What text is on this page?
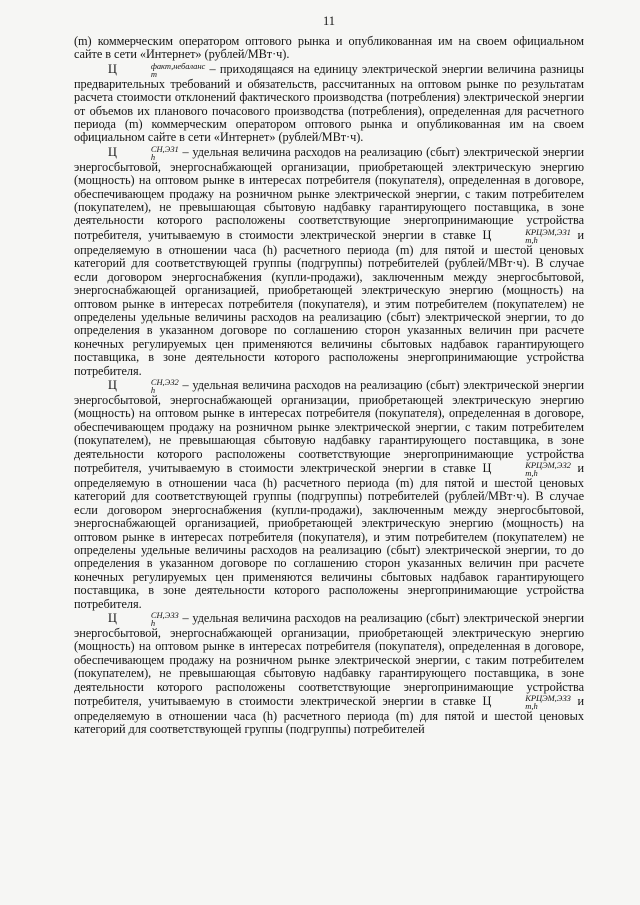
11

(m) коммерческим оператором оптового рынка и опубликованная им на своем официальном сайте в сети «Интернет» (рублей/МВт·ч).

Ц	факт,небаланс
m	– приходящаяся на единицу электрической энергии величина разницы предварительных требований и обязательств, рассчитанных на оптовом рынке по результатам расчета стоимости отклонений фактического производства (потребления) электрической энергии от объемов их планового почасового производства (потребления), определенная для расчетного периода (m) коммерческим оператором оптового рынка и опубликованная им на своем официальном сайте в сети «Интернет» (рублей/МВт·ч).

Ц	СН,ЭЗ1
h	– удельная величина расходов на реализацию (сбыт) электрической энергии энергосбытовой, энергоснабжающей организации, приобретающей электрическую энергию (мощность) на оптовом рынке в интересах потребителя (покупателя), определенная в договоре, обеспечивающем продажу на розничном рынке электрической энергии, с таким потребителем (покупателем), не превышающая сбытовую надбавку гарантирующего поставщика, в зоне деятельности которого расположены соответствующие энергопринимающие устройства потребителя, учитываемую в стоимости электрической энергии в ставке Ц	КРЦЭМ,ЭЗ1
m,h	и определяемую в отношении часа (h) расчетного периода (m) для пятой и шестой ценовых категорий для соответствующей группы (подгруппы) потребителей (рублей/МВт·ч). В случае если договором энергоснабжения (купли-продажи), заключенным между энергосбытовой, энергоснабжающей организацией, приобретающей электрическую энергию (мощность) на оптовом рынке в интересах потребителя (покупателя), и этим потребителем (покупателем) не определены удельные величины расходов на реализацию (сбыт) электрической энергии, то до определения в указанном договоре по соглашению сторон указанных величин при расчете конечных регулируемых цен применяются величины сбытовых надбавок гарантирующего поставщика, в зоне деятельности которого расположены энергопринимающие устройства потребителя.

Ц	СН,ЭЗ2
h	– удельная величина расходов на реализацию (сбыт) электрической энергии энергосбытовой, энергоснабжающей организации, приобретающей электрическую энергию (мощность) на оптовом рынке в интересах потребителя (покупателя), определенная в договоре, обеспечивающем продажу на розничном рынке электрической энергии, с таким потребителем (покупателем), не превышающая сбытовую надбавку гарантирующего поставщика, в зоне деятельности которого расположены соответствующие энергопринимающие устройства потребителя, учитываемую в стоимости электрической энергии в ставке Ц	КРЦЭМ,ЭЗ2
m,h	и определяемую в отношении часа (h) расчетного периода (m) для пятой и шестой ценовых категорий для соответствующей группы (подгруппы) потребителей (рублей/МВт·ч). В случае если договором энергоснабжения (купли-продажи), заключенным между энергосбытовой, энергоснабжающей организацией, приобретающей электрическую энергию (мощность) на оптовом рынке в интересах потребителя (покупателя), и этим потребителем (покупателем) не определены удельные величины расходов на реализацию (сбыт) электрической энергии, то до определения в указанном договоре по соглашению сторон указанных величин при расчете конечных регулируемых цен применяются величины сбытовых надбавок гарантирующего поставщика, в зоне деятельности которого расположены энергопринимающие устройства потребителя.

Ц	СН,ЭЗ3
h	– удельная величина расходов на реализацию (сбыт) электрической энергии энергосбытовой, энергоснабжающей организации, приобретающей электрическую энергию (мощность) на оптовом рынке в интересах потребителя (покупателя), определенная в договоре, обеспечивающем продажу на розничном рынке электрической энергии, с таким потребителем (покупателем), не превышающая сбытовую надбавку гарантирующего поставщика, в зоне деятельности которого расположены соответствующие энергопринимающие устройства потребителя, учитываемую в стоимости электрической энергии в ставке Ц	КРЦЭМ,ЭЗ3
m,h	и определяемую в отношении часа (h) расчетного периода (m) для пятой и шестой ценовых категорий для соответствующей группы (подгруппы) потребителей
